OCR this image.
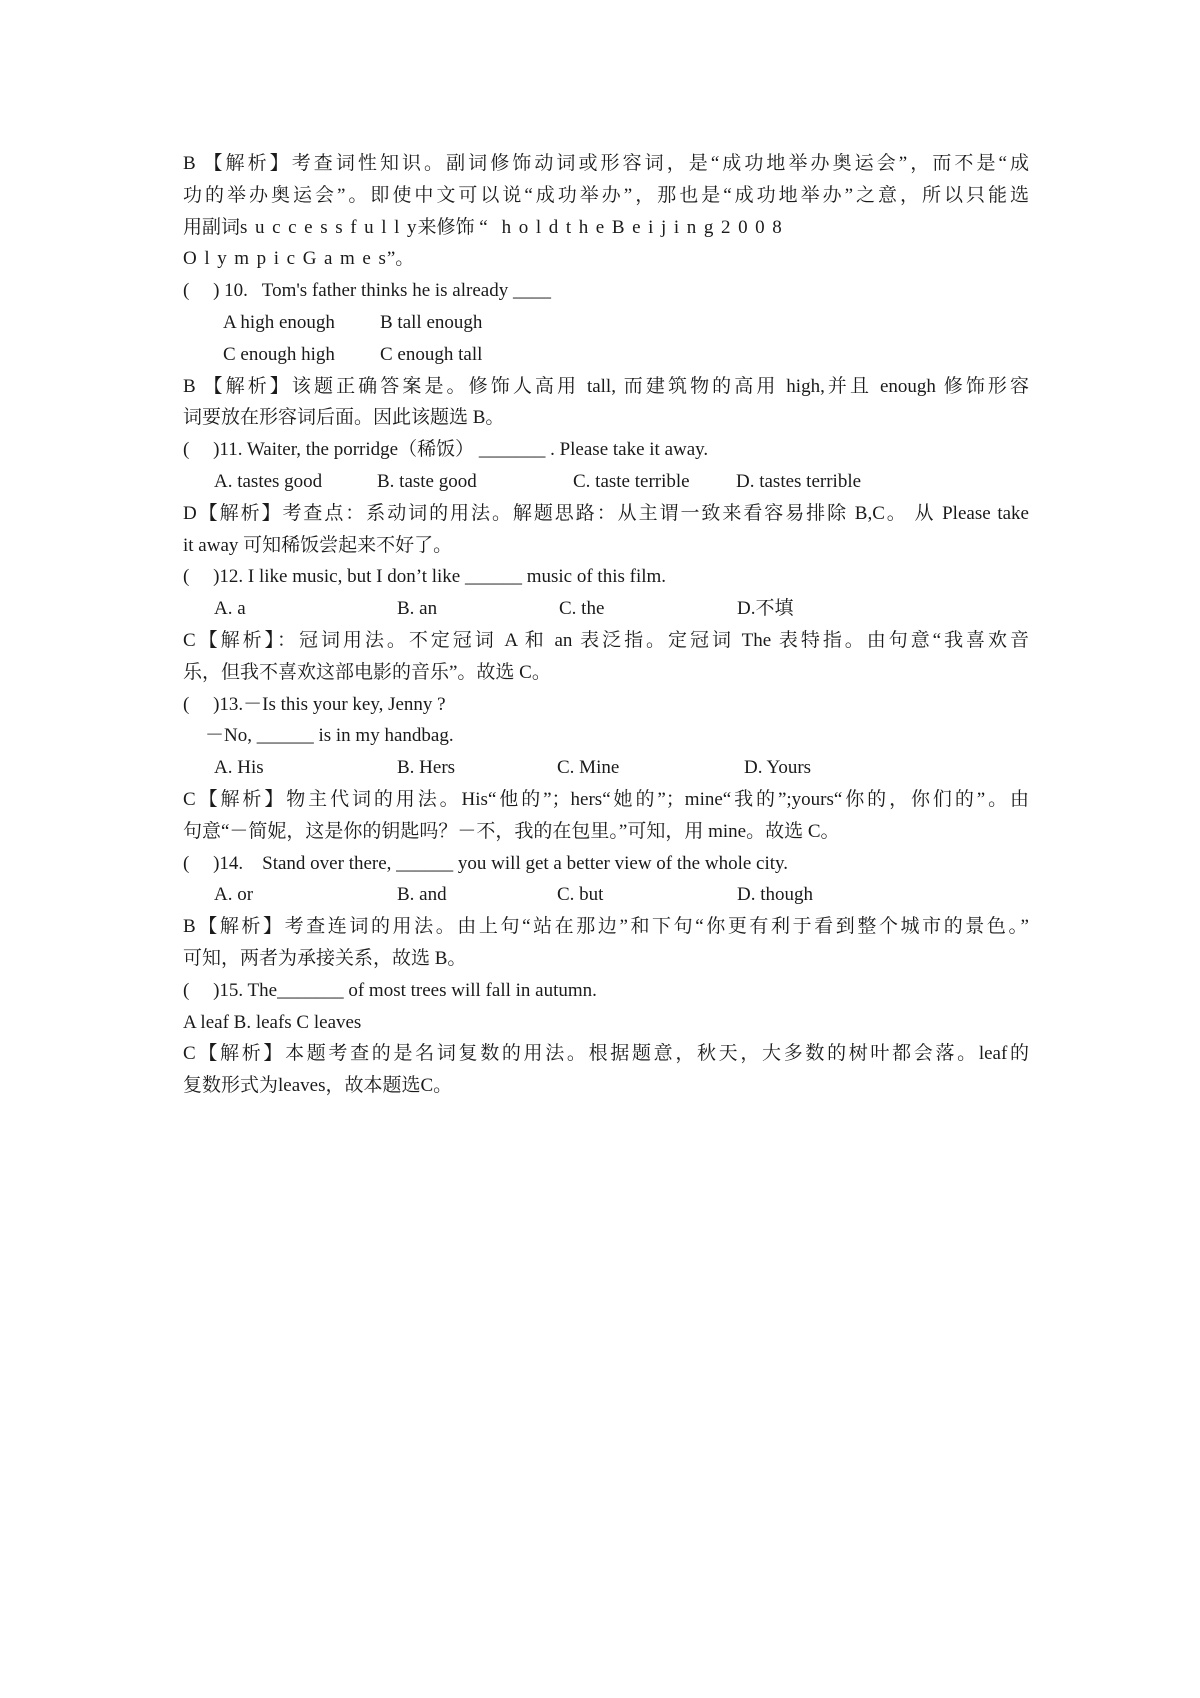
B 【解析】考查词性知识。副词修饰动词或形容词，是“成功地举办奥运会”，而不是“成
功的举办奥运会”。即使中文可以说“成功举办”，那也是“成功地举办”之意，所以只能选
用副词successfully来修饰 “ holdtheBeijing2008
OlympicGames”。
(     ) 10.   Tom's father thinks he is already ____
A high enough B tall enough
C enough high C enough tall
B 【解析】该题正确答案是。修饰人高用 tall, 而建筑物的高用 high,并且 enough 修饰形容
词要放在形容词后面。因此该题选 B。
(     )11. Waiter, the porridge（稀饭） _______ . Please take it away.
A. tastes good	B. taste good	C. taste terrible D. tastes terrible
D【解析】考查点：系动词的用法。解题思路：从主谓一致来看容易排除 B,C。 从 Please take
it away 可知稀饭尝起来不好了。
(     )12. I like music, but I don’t like ______ music of this film.
A. a	B. an	C. the	D.不填
C【解析】：冠词用法。不定冠词 A 和 an 表泛指。定冠词 The 表特指。由句意“我喜欢音
乐，但我不喜欢这部电影的音乐”。故选 C。
(     )13.－Is this your key, Jenny ?
－No, ______ is in my handbag.
A. His	B. Hers	C. Mine	D. Yours
C【解析】物主代词的用法。His“他的”；hers“她的”；mine“我的”;yours“你的，你们的”。由
句意“－简妮，这是你的钥匙吗？－不，我的在包里。”可知，用 mine。故选 C。
(     )14.    Stand over there, ______ you will get a better view of the whole city.
A. or	B. and	C. but	D. though
B【解析】考查连词的用法。由上句“站在那边”和下句“你更有利于看到整个城市的景色。”
可知，两者为承接关系，故选 B。
(     )15. The_______ of most trees will fall in autumn.
A leaf B. leafs C leaves
C【解析】本题考查的是名词复数的用法。根据题意，秋天，大多数的树叶都会落。leaf的
复数形式为leaves，故本题选C。
